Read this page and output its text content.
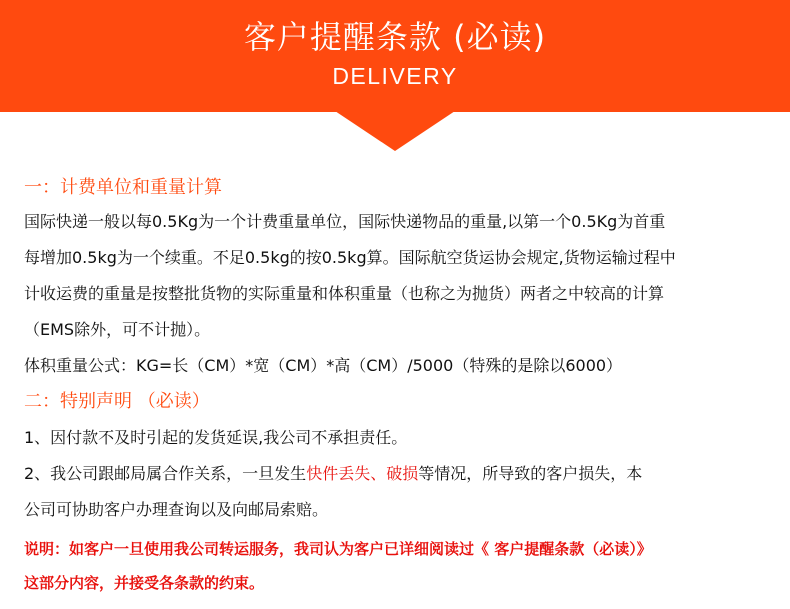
客户提醒条款 (必读)
DELIVERY
一：计费单位和重量计算
国际快递一般以每0.5Kg为一个计费重量单位，国际快递物品的重量,以第一个0.5Kg为首重
每增加0.5kg为一个续重。不足0.5kg的按0.5kg算。国际航空货运协会规定,货物运输过程中
计收运费的重量是按整批货物的实际重量和体积重量（也称之为抛货）两者之中较高的计算
（EMS除外，可不计抛）。
体积重量公式：KG=长（CM）*宽（CM）*高（CM）/5000（特殊的是除以6000）
二：特别声明 （必读）
1、因付款不及时引起的发货延误,我公司不承担责任。
2、我公司跟邮局属合作关系，一旦发生快件丢失、破损等情况，所导致的客户损失，本
公司可协助客户办理查询以及向邮局索赔。
说明：如客户一旦使用我公司转运服务，我司认为客户已详细阅读过《 客户提醒条款（必读）》
这部分内容，并接受各条款的约束。
